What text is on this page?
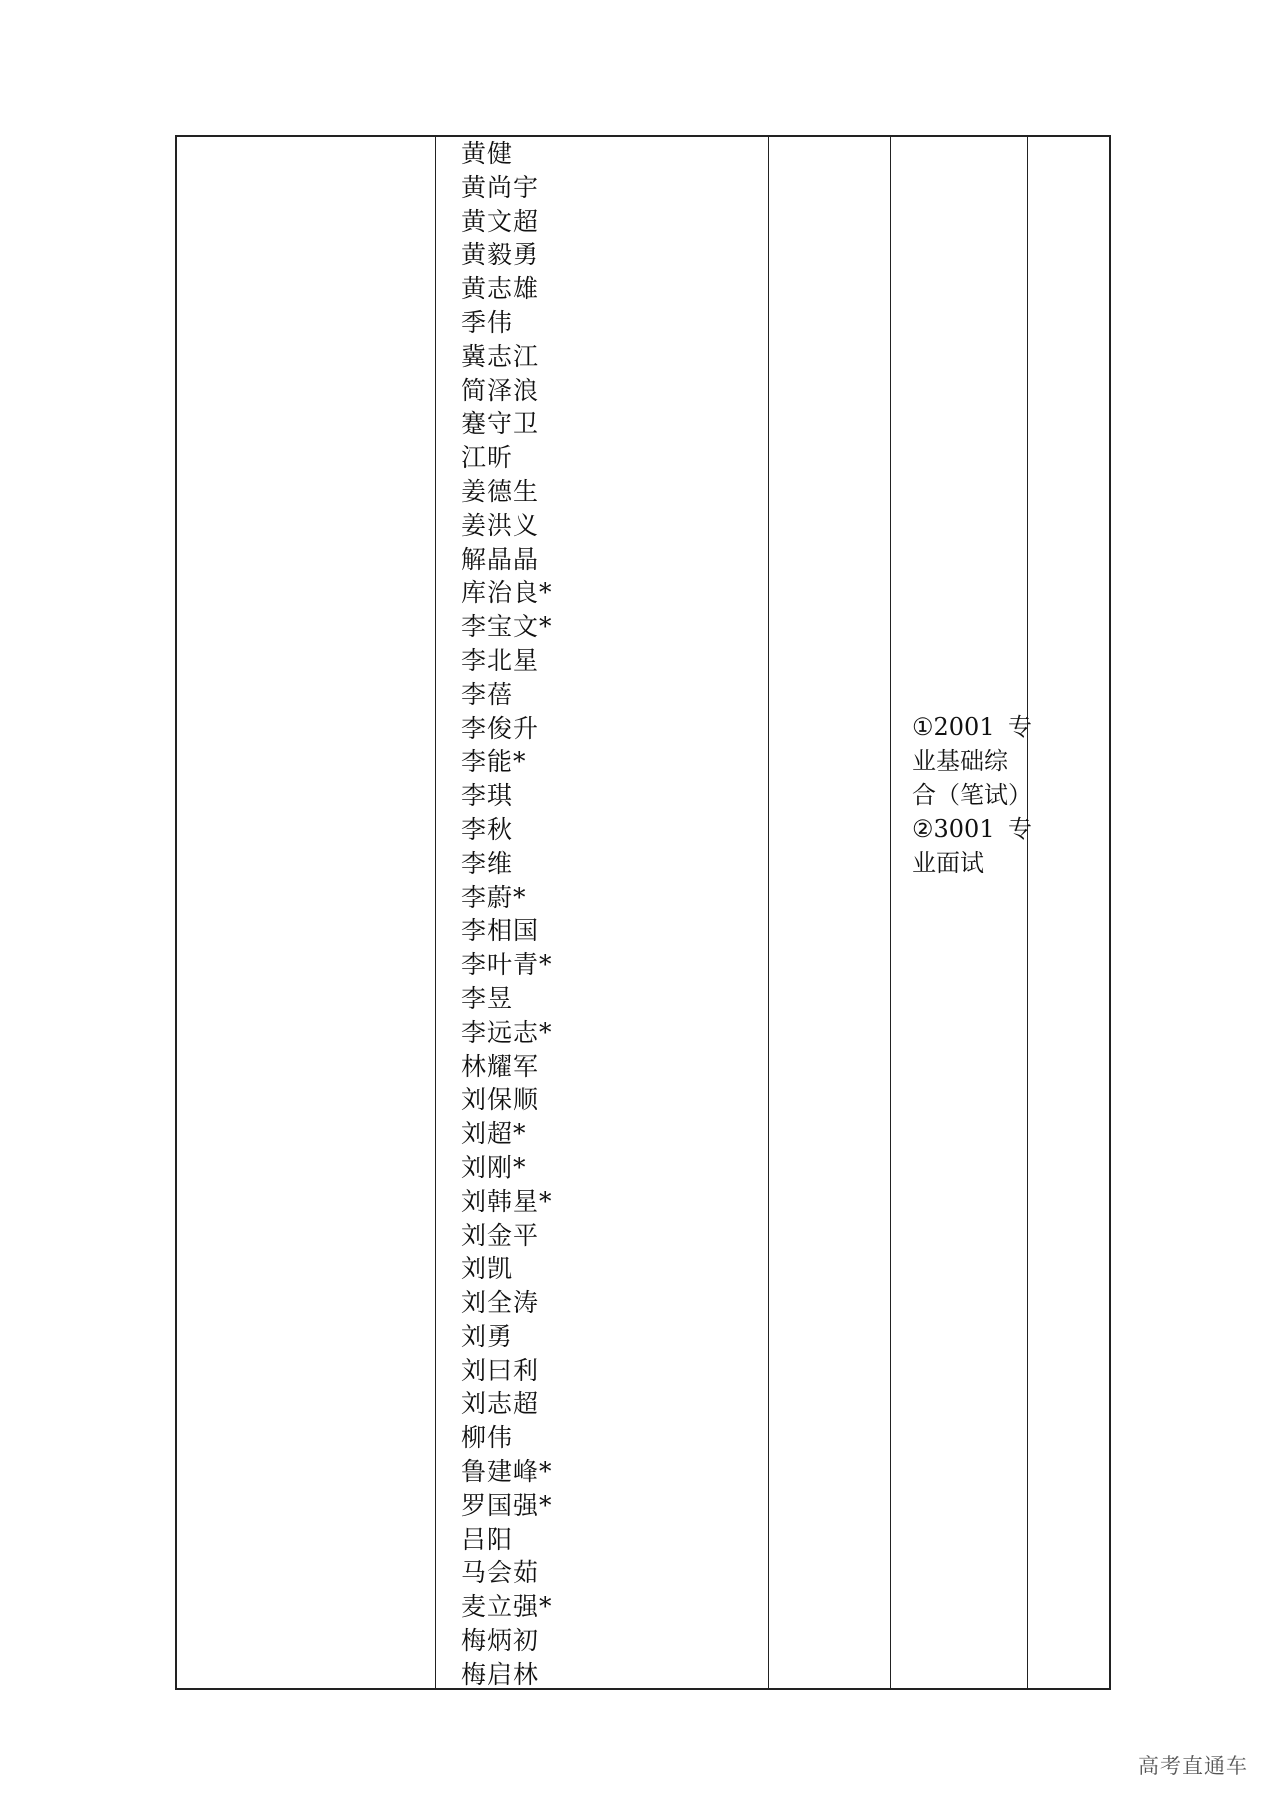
黄健
黄尚宇
黄文超
黄毅勇
黄志雄
季伟
冀志江
简泽浪
蹇守卫
江昕
姜德生
姜洪义
解晶晶
库治良*
李宝文*
李北星
李蓓
李俊升
李能*
李琪
李秋
李维
李蔚*
李相国
李叶青*
李昱
李远志*
林耀军
刘保顺
刘超*
刘刚*
刘韩星*
刘金平
刘凯
刘全涛
刘勇
刘曰利
刘志超
柳伟
鲁建峰*
罗国强*
吕阳
马会茹
麦立强*
梅炳初
梅启林
①2001 专
业基础综
合（笔试）
②3001 专
业面试
高考直通车
